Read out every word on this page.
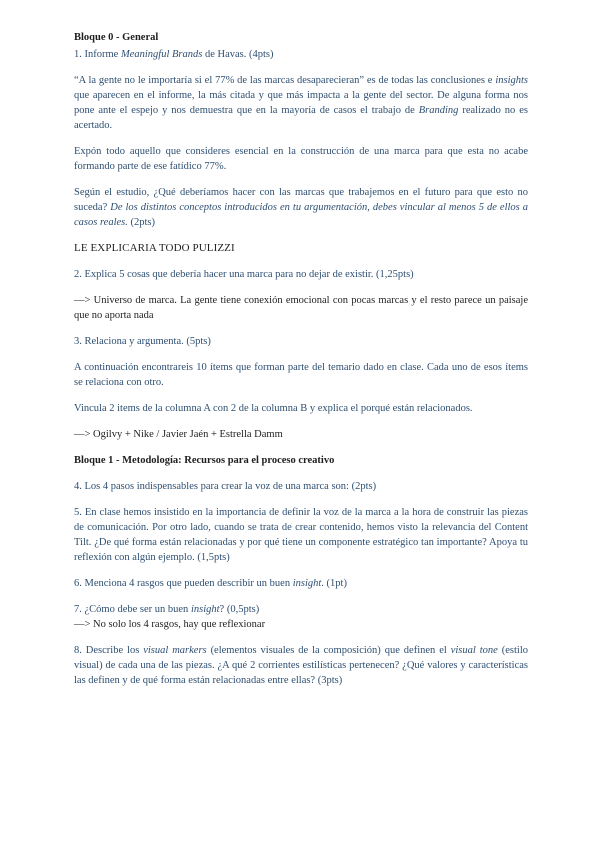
Bloque 0 - General

1. Informe Meaningful Brands de Havas. (4pts)

“A la gente no le importaría si el 77% de las marcas desaparecieran” es de todas las conclusiones e insights que aparecen en el informe, la más citada y que más impacta a la gente del sector. De alguna forma nos pone ante el espejo y nos demuestra que en la mayoría de casos el trabajo de Branding realizado no es acertado.

Expón todo aquello que consideres esencial en la construcción de una marca para que esta no acabe formando parte de ese fatídico 77%.

Según el estudio, ¿Qué deberíamos hacer con las marcas que trabajemos en el futuro para que esto no suceda? De los distintos conceptos introducidos en tu argumentación, debes vincular al menos 5 de ellos a casos reales. (2pts)

LE EXPLICARIA TODO PULIZZI

2. Explica 5 cosas que debería hacer una marca para no dejar de existir. (1,25pts)

—> Universo de marca. La gente tiene conexión emocional con pocas marcas y el resto parece un paisaje que no aporta nada

3. Relaciona y argumenta. (5pts)

A continuación encontrareis 10 ítems que forman parte del temario dado en clase. Cada uno de esos ítems se relaciona con otro.

Vincula 2 items de la columna A con 2 de la columna B y explica el porqué están relacionados.

—> Ogilvy + Nike / Javier Jaén + Estrella Damm

Bloque 1 - Metodología: Recursos para el proceso creativo

4. Los 4 pasos indispensables para crear la voz de una marca son: (2pts)

5. En clase hemos insistido en la importancia de definir la voz de la marca a la hora de construir las piezas de comunicación. Por otro lado, cuando se trata de crear contenido, hemos visto la relevancia del Content Tilt. ¿De qué forma están relacionadas y por qué tiene un componente estratégico tan importante? Apoya tu reflexión con algún ejemplo. (1,5pts)

6. Menciona 4 rasgos que pueden describir un buen insight. (1pt)

7. ¿Cómo debe ser un buen insight? (0,5pts)

—> No solo los 4 rasgos, hay que reflexionar

8. Describe los visual markers (elementos visuales de la composición) que definen el visual tone (estilo visual) de cada una de las piezas. ¿A qué 2 corrientes estilísticas pertenecen? ¿Qué valores y características las definen y de qué forma están relacionadas entre ellas? (3pts)
